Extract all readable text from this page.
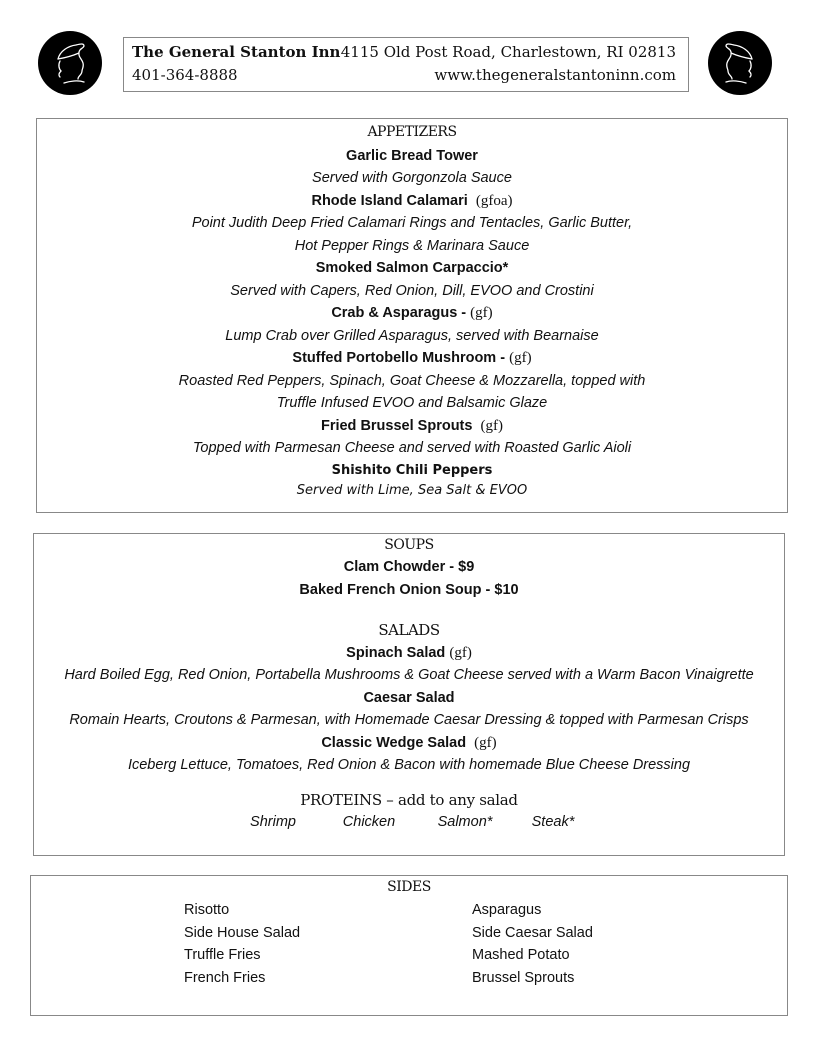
The General Stanton Inn 4115 Old Post Road, Charlestown, RI 02813
401-364-8888	www.thegeneralstantoninn.com
APPETIZERS
Garlic Bread Tower
Served with Gorgonzola Sauce
Rhode Island Calamari (gfoa)
Point Judith Deep Fried Calamari Rings and Tentacles, Garlic Butter,
Hot Pepper Rings & Marinara Sauce
Smoked Salmon Carpaccio*
Served with Capers, Red Onion, Dill, EVOO and Crostini
Crab & Asparagus - (gf)
Lump Crab over Grilled Asparagus, served with Bearnaise
Stuffed Portobello Mushroom - (gf)
Roasted Red Peppers, Spinach, Goat Cheese & Mozzarella, topped with
Truffle Infused EVOO and Balsamic Glaze
Fried Brussel Sprouts (gf)
Topped with Parmesan Cheese and served with Roasted Garlic Aioli
Shishito Chili Peppers
Served with Lime, Sea Salt & EVOO
SOUPS
Clam Chowder - $9
Baked French Onion Soup - $10
SALADS
Spinach Salad (gf)
Hard Boiled Egg, Red Onion, Portabella Mushrooms & Goat Cheese served with a Warm Bacon Vinaigrette
Caesar Salad
Romain Hearts, Croutons & Parmesan, with Homemade Caesar Dressing & topped with Parmesan Crisps
Classic Wedge Salad (gf)
Iceberg Lettuce, Tomatoes, Red Onion & Bacon with homemade Blue Cheese Dressing
PROTEINS – add to any salad
Shrimp	Chicken	Salmon*	Steak*
SIDES
Risotto	Asparagus
Side House Salad	Side Caesar Salad
Truffle Fries	Mashed Potato
French Fries	Brussel Sprouts
